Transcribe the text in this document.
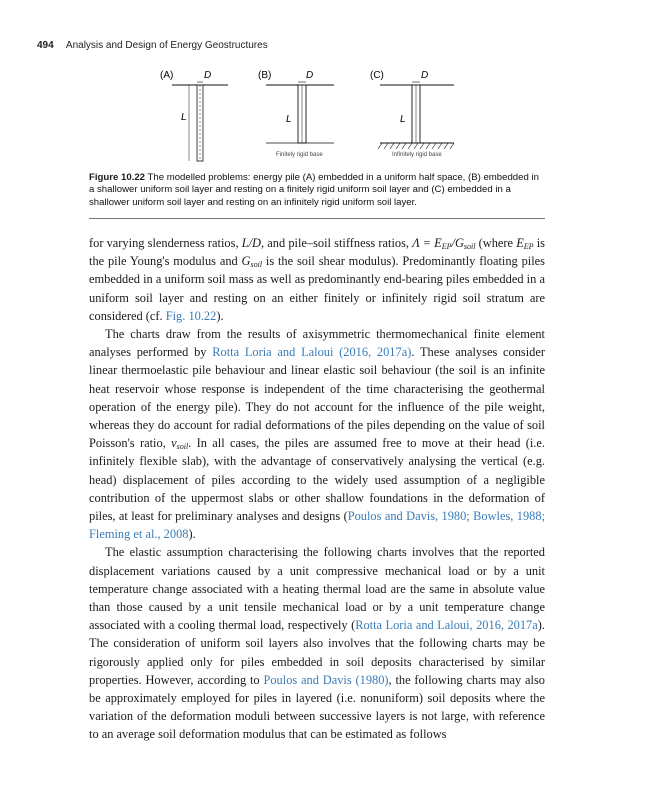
494 Analysis and Design of Energy Geostructures
(A)	D
L
(B)	D
L
Finitely rigid base
(C)	D
L
Infinitely rigid base
Figure 10.22 The modelled problems: energy pile (A) embedded in a uniform half space, (B) embedded in a shallower uniform soil layer and resting on a finitely rigid uniform soil layer and (C) embedded in a shallower uniform soil layer and resting on an infinitely rigid uniform soil layer.

for varying slenderness ratios, L/D, and pile–soil stiffness ratios, $\Lambda = E_{EP}/G_{soil}$ (where $E_{EP}$ is the pile Young's modulus and $G_{soil}$ is the soil shear modulus). Predominantly floating piles embedded in a uniform soil mass as well as predominantly end-bearing piles embedded in a uniform soil layer and resting on an either finitely or infinitely rigid soil stratum are considered (cf. Fig. 10.22).

The charts draw from the results of axisymmetric thermomechanical finite element analyses performed by Rotta Loria and Laloui (2016, 2017a). These analyses consider linear thermoelastic pile behaviour and linear elastic soil behaviour (the soil is an infinite heat reservoir whose response is independent of the time characterising the geothermal operation of the energy pile). They do not account for the influence of the pile weight, whereas they do account for radial deformations of the piles depending on the value of soil Poisson's ratio, $\nu_{soil}$. In all cases, the piles are assumed free to move at their head (i.e. infinitely flexible slab), with the advantage of conservatively analysing the vertical (e.g. head) displacement of piles according to the widely used assumption of a negligible contribution of the uppermost slabs or other shallow foundations in the deformation of piles, at least for preliminary analyses and designs (Poulos and Davis, 1980; Bowles, 1988; Fleming et al., 2008).

The elastic assumption characterising the following charts involves that the reported displacement variations caused by a unit compressive mechanical load or by a unit temperature change associated with a heating thermal load are the same in absolute value than those caused by a unit tensile mechanical load or by a unit temperature change associated with a cooling thermal load, respectively (Rotta Loria and Laloui, 2016, 2017a). The consideration of uniform soil layers also involves that the following charts may be rigorously applied only for piles embedded in soil deposits characterised by similar properties. However, according to Poulos and Davis (1980), the following charts may also be approximately employed for piles in layered (i.e. nonuniform) soil deposits where the variation of the deformation moduli between successive layers is not large, with reference to an average soil deformation modulus that can be estimated as follows
